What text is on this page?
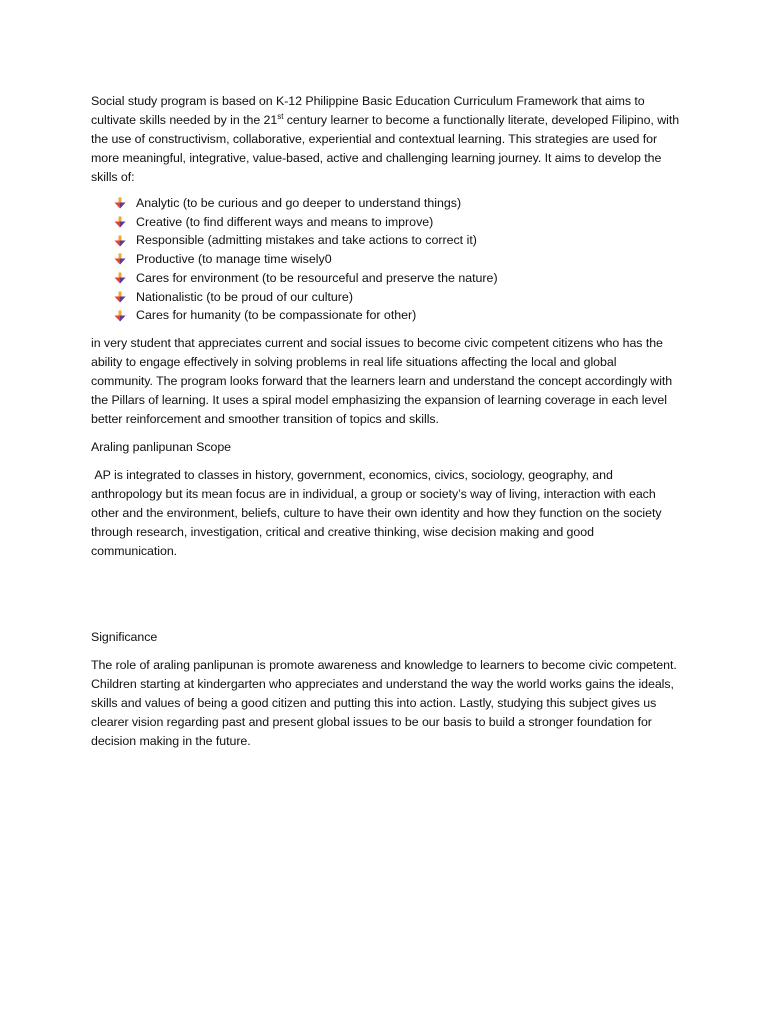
Social study program is based on K-12 Philippine Basic Education Curriculum Framework that aims to cultivate skills needed by in the 21st century learner to become a functionally literate, developed Filipino, with the use of constructivism, collaborative, experiential and contextual learning. This strategies are used for more meaningful, integrative, value-based, active and challenging learning journey. It aims to develop the skills of:

Analytic (to be curious and go deeper to understand things)
Creative (to find different ways and means to improve)
Responsible (admitting mistakes and take actions to correct it)
Productive (to manage time wisely0
Cares for environment (to be resourceful and preserve the nature)
Nationalistic (to be proud of our culture)
Cares for humanity (to be compassionate for other)

in very student that appreciates current and social issues to become civic competent citizens who has the ability to engage effectively in solving problems in real life situations affecting the local and global community. The program looks forward that the learners learn and understand the concept accordingly with the Pillars of learning. It uses a spiral model emphasizing the expansion of learning coverage in each level better reinforcement and smoother transition of topics and skills.

Araling panlipunan Scope

AP is integrated to classes in history, government, economics, civics, sociology, geography, and anthropology but its mean focus are in individual, a group or society’s way of living, interaction with each other and the environment, beliefs, culture to have their own identity and how they function on the society through research, investigation, critical and creative thinking, wise decision making and good communication.

Significance

The role of araling panlipunan is promote awareness and knowledge to learners to become civic competent. Children starting at kindergarten who appreciates and understand the way the world works gains the ideals, skills and values of being a good citizen and putting this into action. Lastly, studying this subject gives us clearer vision regarding past and present global issues to be our basis to build a stronger foundation for decision making in the future.
